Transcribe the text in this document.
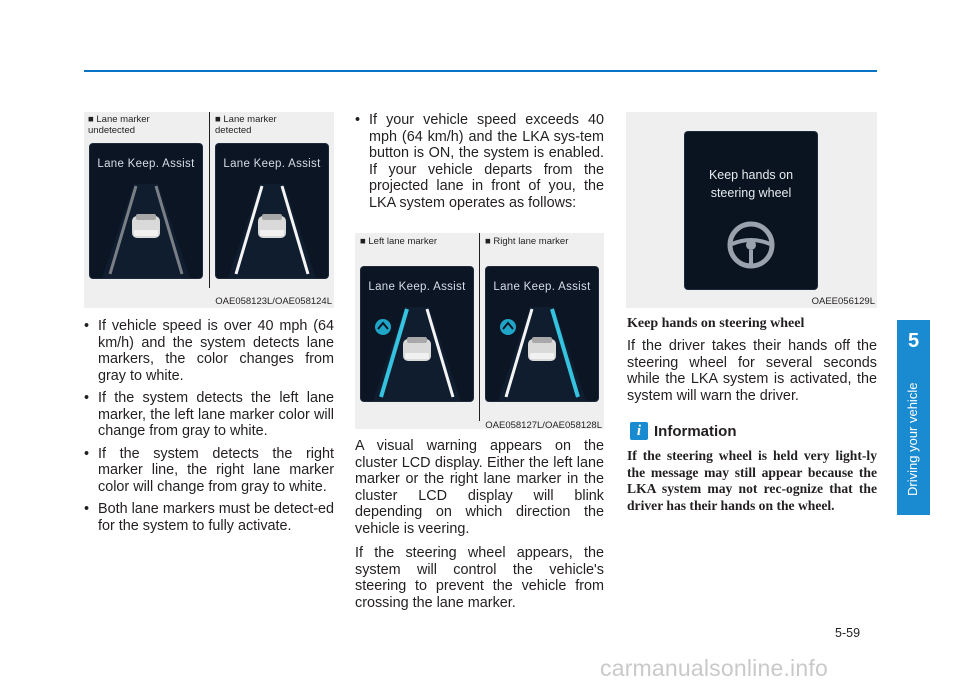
5
Driving your vehicle
■ Lane marker
undetected
■ Lane marker
detected
Lane Keep. Assist	Lane Keep. Assist
OAE058123L/OAE058124L
• If vehicle speed is over 40 mph (64 km/h) and the system detects lane markers, the color changes from gray to white.
• If the system detects the left lane marker, the left lane marker color will change from gray to white.
• If the system detects the right marker line, the right lane marker color will change from gray to white.
• Both lane markers must be detect-ed for the system to fully activate.
• If your vehicle speed exceeds 40 mph (64 km/h) and the LKA sys-tem button is ON, the system is enabled. If your vehicle departs from the projected lane in front of you, the LKA system operates as follows:
■ Left lane marker	■ Right lane marker
Lane Keep. Assist	Lane Keep. Assist
OAE058127L/OAE058128L

A visual warning appears on the cluster LCD display. Either the left lane marker or the right lane marker in the cluster LCD display will blink depending on which direction the vehicle is veering.

If the steering wheel appears, the system will control the vehicle's steering to prevent the vehicle from crossing the lane marker.

Keep hands on
steering wheel
OAEE056129L
Keep hands on steering wheel

If the driver takes their hands off the steering wheel for several seconds while the LKA system is activated, the system will warn the driver.

i Information
If the steering wheel is held very light-ly the message may still appear because the LKA system may not rec-ognize that the driver has their hands on the wheel.
5-59
carmanualsonline.info
